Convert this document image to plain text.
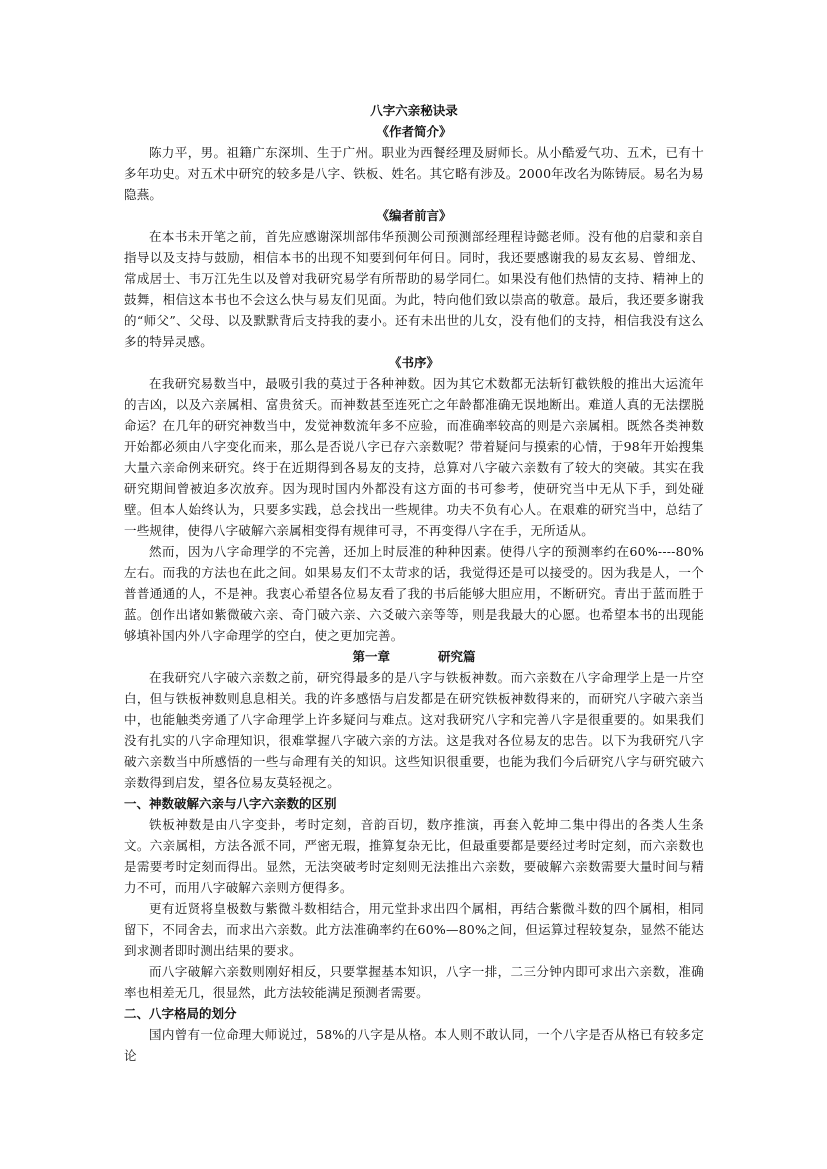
八字六亲秘诀录

《作者简介》

陈力平，男。祖籍广东深圳、生于广州。职业为西餐经理及厨师长。从小酷爱气功、五术，已有十多年功史。对五术中研究的较多是八字、铁板、姓名。其它略有涉及。2000年改名为陈铸辰。易名为易隐燕。

《编者前言》

在本书未开笔之前，首先应感谢深圳部伟华预测公司预测部经理程诗懿老师。没有他的启蒙和亲自指导以及支持与鼓励，相信本书的出现不知要到何年何日。同时，我还要感谢我的易友玄易、曾细龙、常成居士、韦万江先生以及曾对我研究易学有所帮助的易学同仁。如果没有他们热情的支持、精神上的鼓舞，相信这本书也不会这么快与易友们见面。为此，特向他们致以崇高的敬意。最后，我还要多谢我的“师父”、父母、以及默默背后支持我的妻小。还有未出世的儿女，没有他们的支持，相信我没有这么多的特异灵感。

《书序》

在我研究易数当中，最吸引我的莫过于各种神数。因为其它术数都无法斩钉截铁般的推出大运流年的吉凶，以及六亲属相、富贵贫夭。而神数甚至连死亡之年龄都准确无误地断出。难道人真的无法摆脱命运？在几年的研究神数当中，发觉神数流年多不应验，而准确率较高的则是六亲属相。既然各类神数开始都必须由八字变化而来，那么是否说八字已存六亲数呢？带着疑问与摸索的心情，于98年开始搜集大量六亲命例来研究。终于在近期得到各易友的支持，总算对八字破六亲数有了较大的突破。其实在我研究期间曾被迫多次放弃。因为现时国内外都没有这方面的书可参考，使研究当中无从下手，到处碰壁。但本人始终认为，只要多实践，总会找出一些规律。功夫不负有心人。在艰难的研究当中，总结了一些规律，使得八字破解六亲属相变得有规律可寻，不再变得八字在手，无所适从。

然而，因为八字命理学的不完善，还加上时辰准的种种因素。使得八字的预测率约在60%----80%左右。而我的方法也在此之间。如果易友们不太苛求的话，我觉得还是可以接受的。因为我是人，一个普普通通的人，不是神。我衷心希望各位易友看了我的书后能够大胆应用，不断研究。青出于蓝而胜于蓝。创作出诸如紫微破六亲、奇门破六亲、六爻破六亲等等，则是我最大的心愿。也希望本书的出现能够填补国内外八字命理学的空白，使之更加完善。

第一章	研究篇

在我研究八字破六亲数之前，研究得最多的是八字与铁板神数。而六亲数在八字命理学上是一片空白，但与铁板神数则息息相关。我的许多感悟与启发都是在研究铁板神数得来的，而研究八字破六亲当中，也能触类旁通了八字命理学上许多疑问与难点。这对我研究八字和完善八字是很重要的。如果我们没有扎实的八字命理知识，很难掌握八字破六亲的方法。这是我对各位易友的忠告。以下为我研究八字破六亲数当中所感悟的一些与命理有关的知识。这些知识很重要，也能为我们今后研究八字与研究破六亲数得到启发，望各位易友莫轻视之。

一、神数破解六亲与八字六亲数的区别

铁板神数是由八字变卦，考时定刻，音韵百切，数序推演，再套入乾坤二集中得出的各类人生条文。六亲属相，方法各派不同，严密无瑕，推算复杂无比，但最重要都是要经过考时定刻，而六亲数也是需要考时定刻而得出。显然，无法突破考时定刻则无法推出六亲数，要破解六亲数需要大量时间与精力不可，而用八字破解六亲则方便得多。

更有近贤将皇极数与紫微斗数相结合，用元堂卦求出四个属相，再结合紫微斗数的四个属相，相同留下，不同舍去，而求出六亲数。此方法准确率约在60%—80%之间，但运算过程较复杂，显然不能达到求测者即时测出结果的要求。

而八字破解六亲数则刚好相反，只要掌握基本知识，八字一排，二三分钟内即可求出六亲数，准确率也相差无几，很显然，此方法较能满足预测者需要。

二、八字格局的划分

国内曾有一位命理大师说过，58%的八字是从格。本人则不敢认同，一个八字是否从格已有较多定论
